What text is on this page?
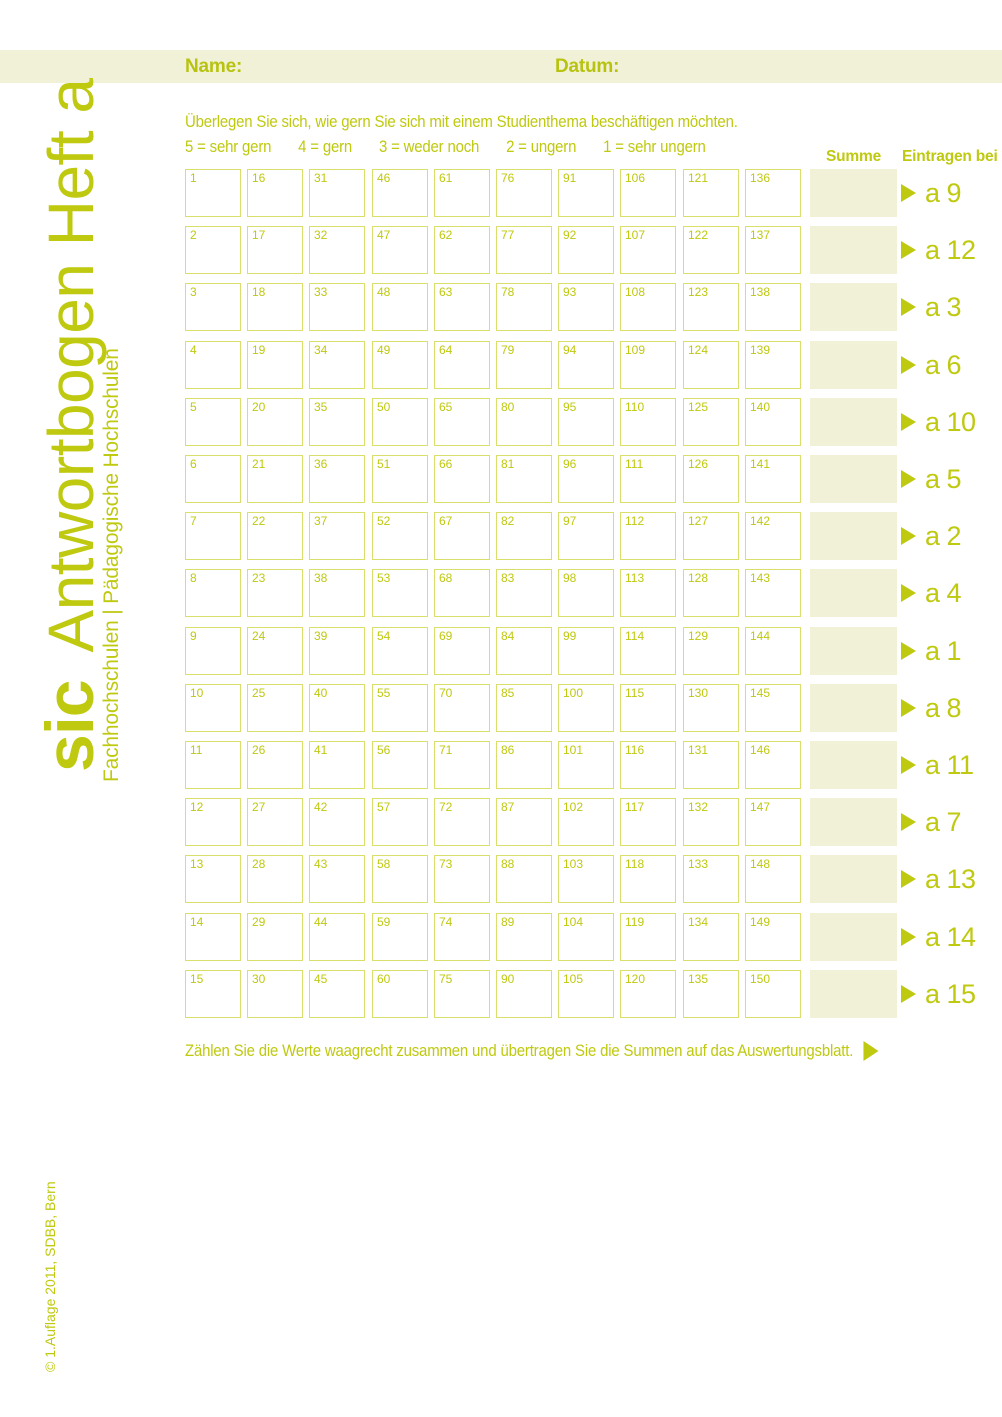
Name:	Datum:
sicAntwortbogen Heft a
Fachhochschulen | Pädagogische Hochschulen
© 1.Auflage 2011, SDBB, Bern
Überlegen Sie sich, wie gern Sie sich mit einem Studienthema beschäftigen möchten.
5 = sehr gern 4 = gern 3 = weder noch 2 = ungern 1 = sehr ungern
Summe	Eintragen bei
1	16	31	46	61	76	91	106	121	136	a 9
2	17	32	47	62	77	92	107	122	137	a 12
3	18	33	48	63	78	93	108	123	138	a 3
4	19	34	49	64	79	94	109	124	139	a 6
5	20	35	50	65	80	95	110	125	140	a 10
6	21	36	51	66	81	96	111	126	141	a 5
7	22	37	52	67	82	97	112	127	142	a 2
8	23	38	53	68	83	98	113	128	143	a 4
9	24	39	54	69	84	99	114	129	144	a 1
10	25	40	55	70	85	100	115	130	145	a 8
11	26	41	56	71	86	101	116	131	146	a 11
12	27	42	57	72	87	102	117	132	147	a 7
13	28	43	58	73	88	103	118	133	148	a 13
14	29	44	59	74	89	104	119	134	149	a 14
15	30	45	60	75	90	105	120	135	150	a 15
Zählen Sie die Werte waagrecht zusammen und übertragen Sie die Summen auf das Auswertungsblatt.
